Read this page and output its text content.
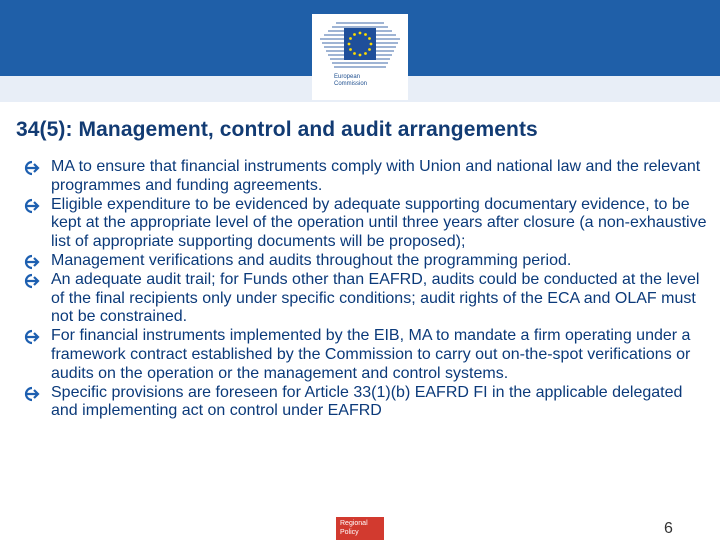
European
Commission
34(5): Management, control and audit arrangements
MA to ensure that financial instruments comply with Union and national law and the relevant programmes and funding agreements.
Eligible expenditure to be evidenced by adequate supporting documentary evidence, to be kept at the appropriate level of the operation until three years after closure (a non-exhaustive list of appropriate supporting documents will be proposed);
Management verifications and audits throughout the programming period.
An adequate audit trail; for Funds other than EAFRD, audits could be conducted at the level of the final recipients only under specific conditions; audit rights of the ECA and OLAF must not be constrained.
For financial instruments implemented by the EIB, MA to mandate a firm operating under a framework contract established by the Commission to carry out on-the-spot verifications or audits on the operation or the management and control systems.
Specific provisions are foreseen for Article 33(1)(b) EAFRD FI in the applicable delegated and implementing act on control under EAFRD
Regional
Policy	6
